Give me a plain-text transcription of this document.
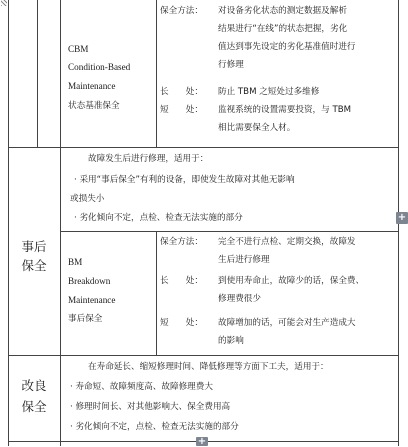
CBM
Condition-Based
Maintenance
状态基准保全
保全方法： 对设备劣化状态的测定数据及解析
结果进行“在线”的状态把握，劣化
值达到事先设定的劣化基准值时进行
行修理
长　　处： 防止 TBM 之短处过多维修
短　　处： 监视系统的设置需要投资，与 TBM
相比需要保全人材。
事后
保全
故障发生后进行修理，适用于：
· 采用“事后保全”有利的设备，即使发生故障对其他无影响
或损失小
· 劣化倾向不定，点检、检查无法实施的部分
BM
Breakdown
Maintenance
事后保全
保全方法： 完全不进行点检、定期交换，故障发
生后进行修理
长　　处： 到使用寿命止，故障少的话，保全费、
修理费很少
短　　处： 故障增加的话，可能会对生产造成大
的影响
改良
保全
在寿命延长、缩短修理时间、降低修理等方面下工夫，适用于：
· 寿命短、故障频度高、故障修理费大
· 修理时间长、对其他影响大、保全费用高
· 劣化倾向不定，点检、检查无法实施的部分
+
+
